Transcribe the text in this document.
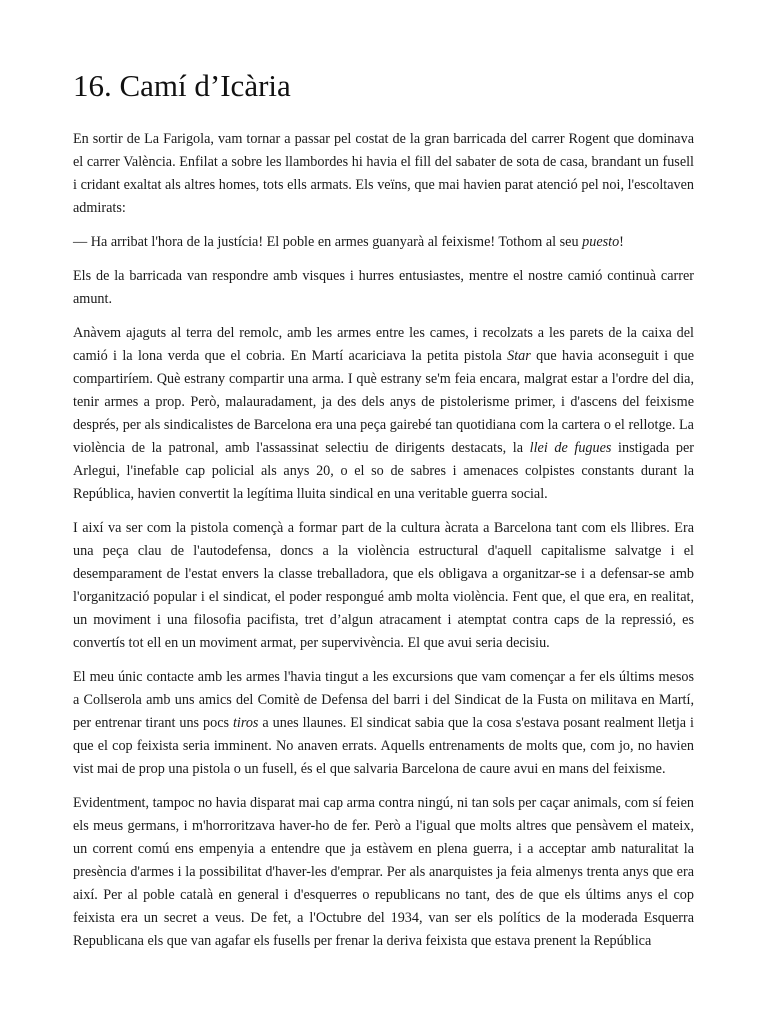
16. Camí d’Icària

En sortir de La Farigola, vam tornar a passar pel costat de la gran barricada del carrer Rogent que dominava el carrer València. Enfilat a sobre les llambordes hi havia el fill del sabater de sota de casa, brandant un fusell i cridant exaltat als altres homes, tots ells armats. Els veïns, que mai havien parat atenció pel noi, l'escoltaven admirats:

— Ha arribat l'hora de la justícia! El poble en armes guanyarà al feixisme! Tothom al seu puesto!

Els de la barricada van respondre amb visques i hurres entusiastes, mentre el nostre camió continuà carrer amunt.

Anàvem ajaguts al terra del remolc, amb les armes entre les cames, i recolzats a les parets de la caixa del camió i la lona verda que el cobria. En Martí acariciava la petita pistola Star que havia aconseguit i que compartiríem. Què estrany compartir una arma. I què estrany se'm feia encara, malgrat estar a l'ordre del dia, tenir armes a prop. Però, malauradament, ja des dels anys de pistolerisme primer, i d'ascens del feixisme després, per als sindicalistes de Barcelona era una peça gairebé tan quotidiana com la cartera o el rellotge. La violència de la patronal, amb l'assassinat selectiu de dirigents destacats, la llei de fugues instigada per Arlegui, l'inefable cap policial als anys 20, o el so de sabres i amenaces colpistes constants durant la República, havien convertit la legítima lluita sindical en una veritable guerra social.

I així va ser com la pistola començà a formar part de la cultura àcrata a Barcelona tant com els llibres. Era una peça clau de l'autodefensa, doncs a la violència estructural d'aquell capitalisme salvatge i el desemparament de l'estat envers la classe treballadora, que els obligava a organitzar-se i a defensar-se amb l'organització popular i el sindicat, el poder respongué amb molta violència. Fent que, el que era, en realitat, un moviment i una filosofia pacifista, tret d’algun atracament i atemptat contra caps de la repressió, es convertís tot ell en un moviment armat, per supervivència. El que avui seria decisiu.

El meu únic contacte amb les armes l'havia tingut a les excursions que vam començar a fer els últims mesos a Collserola amb uns amics del Comitè de Defensa del barri i del Sindicat de la Fusta on militava en Martí, per entrenar tirant uns pocs tiros a unes llaunes. El sindicat sabia que la cosa s'estava posant realment lletja i que el cop feixista seria imminent. No anaven errats. Aquells entrenaments de molts que, com jo, no havien vist mai de prop una pistola o un fusell, és el que salvaria Barcelona de caure avui en mans del feixisme.

Evidentment, tampoc no havia disparat mai cap arma contra ningú, ni tan sols per caçar animals, com sí feien els meus germans, i m'horroritzava haver-ho de fer. Però a l'igual que molts altres que pensàvem el mateix, un corrent comú ens empenyia a entendre que ja estàvem en plena guerra, i a acceptar amb naturalitat la presència d'armes i la possibilitat d'haver-les d'emprar. Per als anarquistes ja feia almenys trenta anys que era així. Per al poble català en general i d'esquerres o republicans no tant, des de que els últims anys el cop feixista era un secret a veus. De fet, a l'Octubre del 1934, van ser els polítics de la moderada Esquerra Republicana els que van agafar els fusells per frenar la deriva feixista que estava prenent la República
